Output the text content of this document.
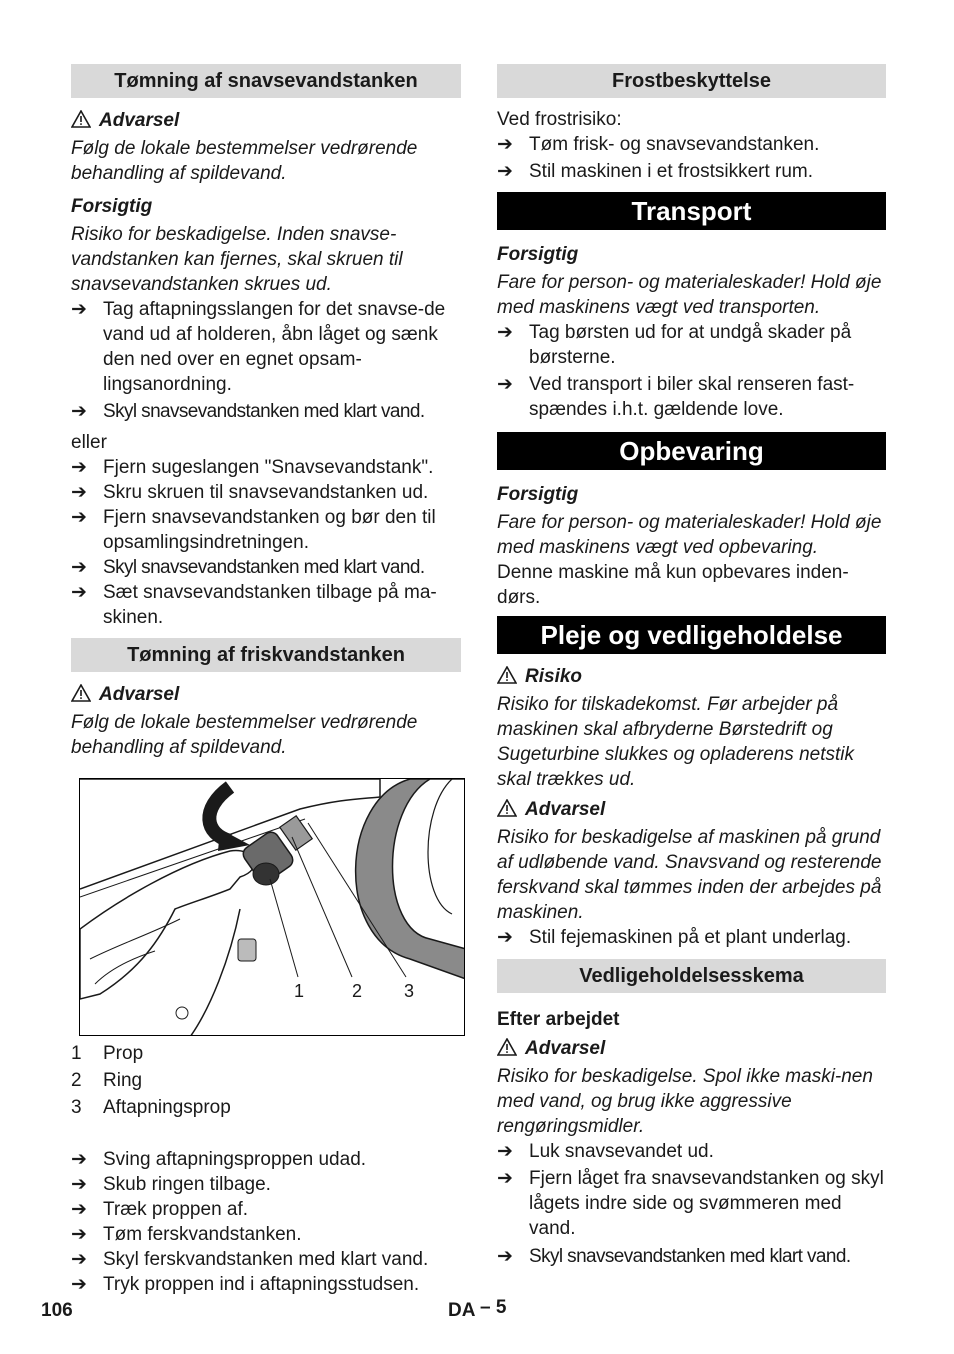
Tømning af snavsevandstanken
Advarsel
Følg de lokale bestemmelser vedrørende behandling af spildevand.
Forsigtig
Risiko for beskadigelse. Inden snavse-vandstanken kan fjernes, skal skruen til snavsevandstanken skrues ud.
➔ Tag aftapningsslangen for det snavse-de vand ud af holderen, åbn låget og sænk den ned over en egnet opsam-lingsanordning.
➔ Skyl snavsevandstanken med klart vand.
eller
➔ Fjern sugeslangen "Snavsevandstank".
➔ Skru skruen til snavsevandstanken ud.
➔ Fjern snavsevandstanken og bør den til opsamlingsindretningen.
➔ Skyl snavsevandstanken med klart vand.
➔ Sæt snavsevandstanken tilbage på ma-skinen.
Tømning af friskvandstanken
Advarsel
Følg de lokale bestemmelser vedrørende behandling af spildevand.
1	2 3
1	Prop
2	Ring
3	Aftapningsprop
➔ Sving aftapningsproppen udad.
➔ Skub ringen tilbage.
➔ Træk proppen af.
➔ Tøm ferskvandstanken.
➔ Skyl ferskvandstanken med klart vand.
➔ Tryk proppen ind i aftapningsstudsen.
Frostbeskyttelse
Ved frostrisiko:
➔ Tøm frisk- og snavsevandstanken.
➔ Stil maskinen i et frostsikkert rum.
Transport
Forsigtig
Fare for person- og materialeskader! Hold øje med maskinens vægt ved transporten.
➔ Tag børsten ud for at undgå skader på børsterne.
➔ Ved transport i biler skal renseren fast-spændes i.h.t. gældende love.
Opbevaring
Forsigtig
Fare for person- og materialeskader! Hold øje med maskinens vægt ved opbevaring.
Denne maskine må kun opbevares inden-dørs.
Pleje og vedligeholdelse
Risiko
Risiko for tilskadekomst. Før arbejder på maskinen skal afbryderne Børstedrift og Sugeturbine slukkes og opladerens netstik skal trækkes ud.
Advarsel
Risiko for beskadigelse af maskinen på grund af udløbende vand. Snavsvand og resterende ferskvand skal tømmes inden der arbejdes på maskinen.
➔ Stil fejemaskinen på et plant underlag.
Vedligeholdelsesskema
Efter arbejdet
Advarsel
Risiko for beskadigelse. Spol ikke maski-nen med vand, og brug ikke aggressive rengøringsmidler.
➔ Luk snavsevandet ud.
➔ Fjern låget fra snavsevandstanken og skyl lågets indre side og svømmeren med vand.
➔ Skyl snavsevandstanken med klart vand.
106	DA – 5
